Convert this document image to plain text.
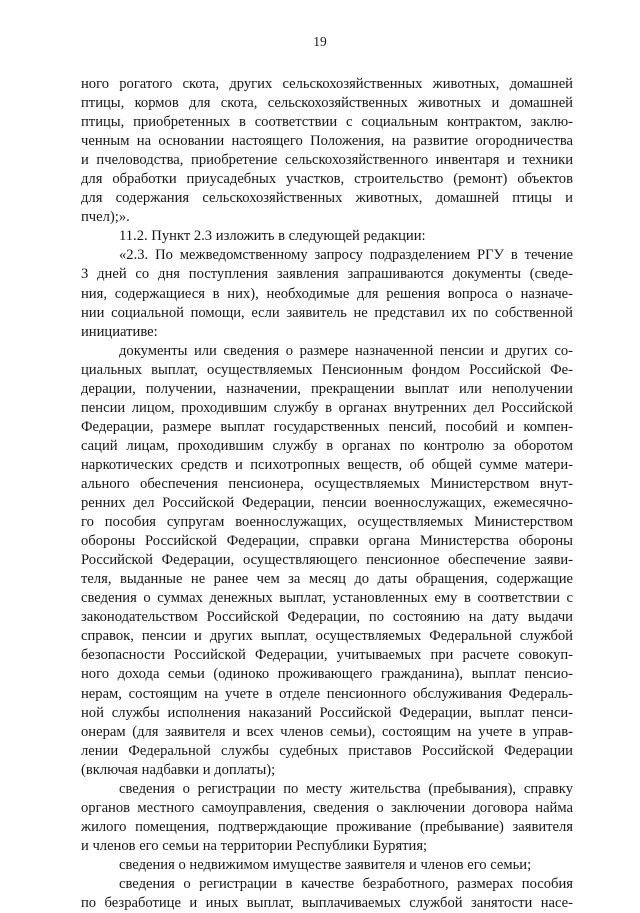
19
ного рогатого скота, других сельскохозяйственных животных, домашней
птицы, кормов для скота, сельскохозяйственных животных и домашней
птицы, приобретенных в соответствии с социальным контрактом, заклю-
ченным на основании настоящего Положения, на развитие огородничества
и пчеловодства, приобретение сельскохозяйственного инвентаря и техники
для обработки приусадебных участков, строительство (ремонт) объектов
для содержания сельскохозяйственных животных, домашней птицы и
пчел);».
11.2. Пункт 2.3 изложить в следующей редакции:
«2.3. По межведомственному запросу подразделением РГУ в течение
3 дней со дня поступления заявления запрашиваются документы (сведе-
ния, содержащиеся в них), необходимые для решения вопроса о назначе-
нии социальной помощи, если заявитель не представил их по собственной
инициативе:
документы или сведения о размере назначенной пенсии и других со-
циальных выплат, осуществляемых Пенсионным фондом Российской Фе-
дерации, получении, назначении, прекращении выплат или неполучении
пенсии лицом, проходившим службу в органах внутренних дел Российской
Федерации, размере выплат государственных пенсий, пособий и компен-
саций лицам, проходившим службу в органах по контролю за оборотом
наркотических средств и психотропных веществ, об общей сумме матери-
ального обеспечения пенсионера, осуществляемых Министерством внут-
ренних дел Российской Федерации, пенсии военнослужащих, ежемесячно-
го пособия супругам военнослужащих, осуществляемых Министерством
обороны Российской Федерации, справки органа Министерства обороны
Российской Федерации, осуществляющего пенсионное обеспечение заяви-
теля, выданные не ранее чем за месяц до даты обращения, содержащие
сведения о суммах денежных выплат, установленных ему в соответствии с
законодательством Российской Федерации, по состоянию на дату выдачи
справок, пенсии и других выплат, осуществляемых Федеральной службой
безопасности Российской Федерации, учитываемых при расчете совокуп-
ного дохода семьи (одиноко проживающего гражданина), выплат пенсио-
нерам, состоящим на учете в отделе пенсионного обслуживания Федераль-
ной службы исполнения наказаний Российской Федерации, выплат пенси-
онерам (для заявителя и всех членов семьи), состоящим на учете в управ-
лении Федеральной службы судебных приставов Российской Федерации
(включая надбавки и доплаты);
сведения о регистрации по месту жительства (пребывания), справку
органов местного самоуправления, сведения о заключении договора найма
жилого помещения, подтверждающие проживание (пребывание) заявителя
и членов его семьи на территории Республики Бурятия;
сведения о недвижимом имуществе заявителя и членов его семьи;
сведения о регистрации в качестве безработного, размерах пособия
по безработице и иных выплат, выплачиваемых службой занятости насе-
